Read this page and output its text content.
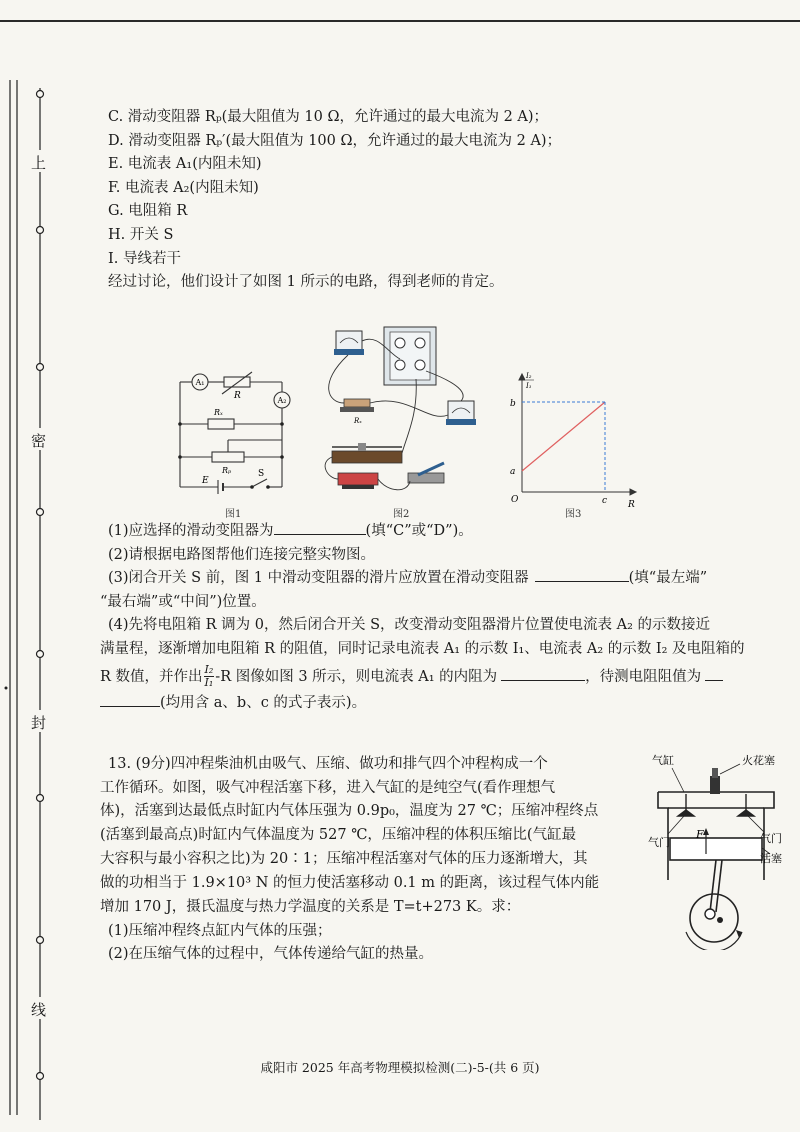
上
密
封
线
C. 滑动变阻器 Rₚ(最大阻值为 10 Ω，允许通过的最大电流为 2 A)；
D. 滑动变阻器 Rₚ′(最大阻值为 100 Ω，允许通过的最大电流为 2 A)；
E. 电流表 A₁(内阻未知)
F. 电流表 A₂(内阻未知)
G. 电阻箱 R
H. 开关 S
I. 导线若干
经过讨论，他们设计了如图 1 所示的电路，得到老师的肯定。
A₁
A₂
R
Rₓ
Rₚ
E
S
图1
Rₓ
图2
b
a
O	c R
I₂
I₁
图3
(1)应选择的滑动变阻器为	(填“C”或“D”)。
(2)请根据电路图帮他们连接完整实物图。
(3)闭合开关 S 前，图 1 中滑动变阻器的滑片应放置在滑动变阻器	(填“最左端”
“最右端”或“中间”)位置。
(4)先将电阻箱 R 调为 0，然后闭合开关 S，改变滑动变阻器滑片位置使电流表 A₂ 的示数接近
满量程，逐渐增加电阻箱 R 的阻值，同时记录电流表 A₁ 的示数 I₁、电流表 A₂ 的示数 I₂ 及电阻箱的
R 数值，并作出 $\frac{\text{I₂}}{\text{I₁}} -R$ 图像如图 3 所示，则电流表 A₁ 的内阻为	，待测电阻阻值为
(均用含 a、b、c 的式子表示)。
13. (9分)四冲程柴油机由吸气、压缩、做功和排气四个冲程构成一个
工作循环。如图，吸气冲程活塞下移，进入气缸的是纯空气(看作理想气
体)，活塞到达最低点时缸内气体压强为 0.9p₀，温度为 27 ℃；压缩冲程终点
(活塞到最高点)时缸内气体温度为 527 ℃，压缩冲程的体积压缩比(气缸最
大容积与最小容积之比)为 20∶1；压缩冲程活塞对气体的压力逐渐增大，其
做的功相当于 1.9×10³ N 的恒力使活塞移动 0.1 m 的距离，该过程气体内能
增加 170 J，摄氏温度与热力学温度的关系是 T=t+273 K。求：
(1)压缩冲程终点缸内气体的压强；
(2)在压缩气体的过程中，气体传递给气缸的热量。
气缸	火花塞
气门	气门
F
活塞
咸阳市 2025 年高考物理模拟检测(二)-5-(共 6 页)
